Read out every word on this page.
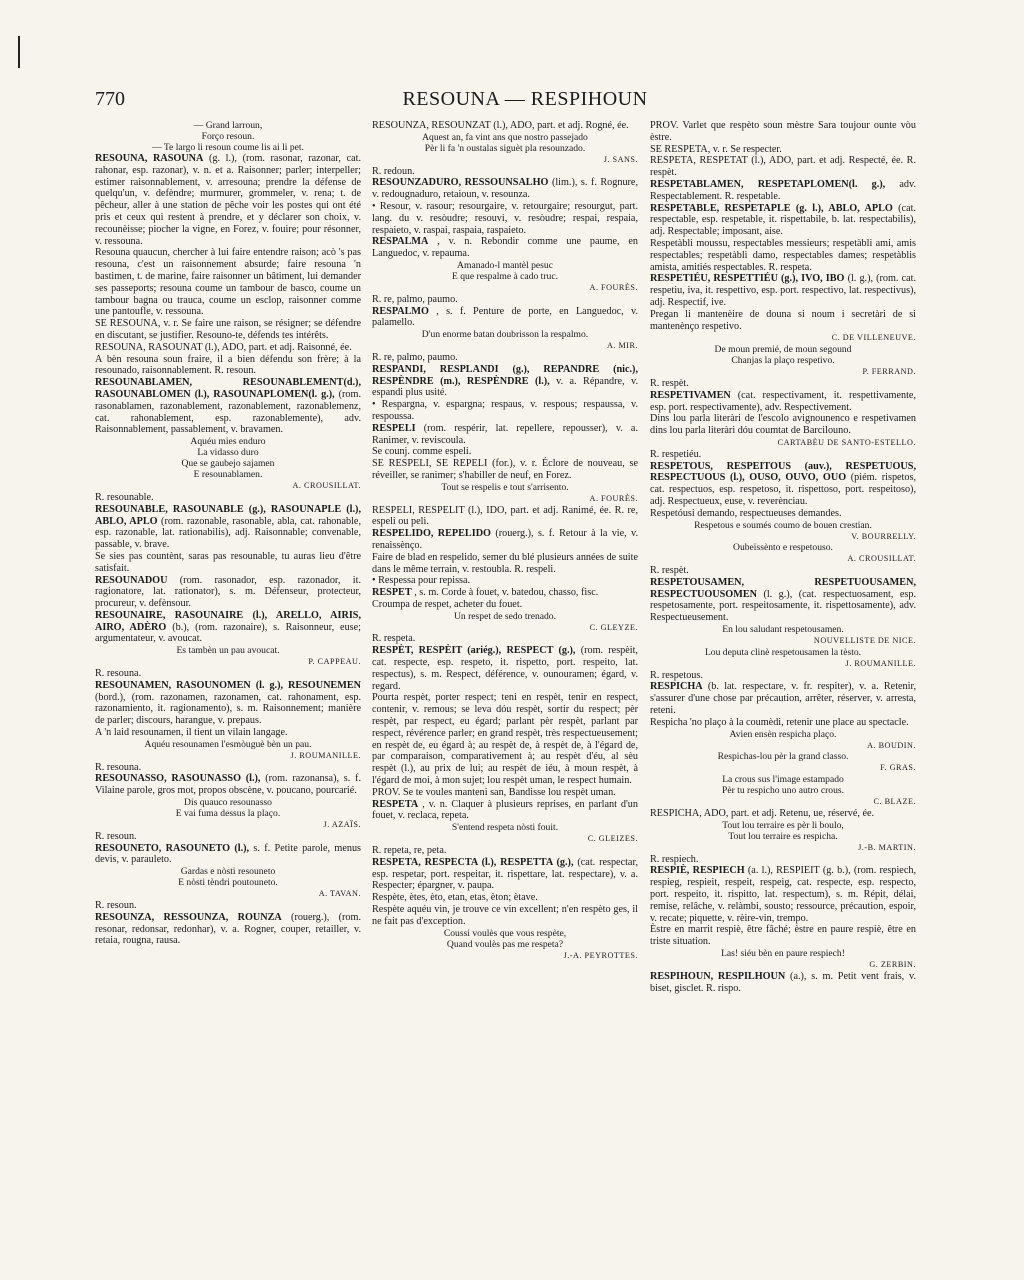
770	RESOUNA — RESPIHOUN

— Grand larroun,

Forço resoun.

— Te largo li resoun coume lis ai li pet.

RESOUNA, RASOUNA (g. l.), (rom. rasonar, razonar, cat. rahonar, esp. razonar), v. n. et a. Raisonner; parler; interpeller; estimer raisonnablement, v. arresouna; prendre la défense de quelqu'un, v. defèndre; murmurer, grommeler, v. rena; t. de pêcheur, aller à une station de pêche voir les postes qui ont été pris et ceux qui restent à prendre, et y déclarer son choix, v. recounèisse; piocher la vigne, en Forez, v. fouire; pour résonner, v. ressouna.

Resouna quaucun, chercher à lui faire entendre raison; acò 's pas resouna, c'est un raisonnement absurde; faire resouna 'n bastimen, t. de marine, faire raisonner un bâtiment, lui demander ses passeports; resouna coume un tambour de basco, coume un tambour bagna ou trauca, coume un esclop, raisonner comme une pantoufle, v. ressouna.

SE RESOUNA, v. r. Se faire une raison, se résigner; se défendre en discutant, se justifier. Resouno-te, défends tes intérêts.

RESOUNA, RASOUNAT (l.), ADO, part. et adj. Raisonné, ée.

A bèn resouna soun fraire, il a bien défendu son frère; à la resounado, raisonnablement. R. resoun.

RESOUNABLAMEN, RESOUNABLEMENT(d.), RASOUNABLOMEN (l.), RASOUNAPLOMEN(l. g.), (rom. rasonablamen, razonablement, razonablement, razonablemenz, cat. rahonablement, esp. razonablemente), adv. Raisonnablement, passablement, v. bravamen.

Aquéu mies enduro

La vidasso duro

Que se gaubejo sajamen

E resounablamen.

A. CROUSILLAT.

R. resounable.

RESOUNABLE, RASOUNABLE (g.), RASOUNAPLE (l.), ABLO, APLO (rom. razonable, rasonable, abla, cat. rahonable, esp. razonable, lat. rationabilis), adj. Raisonnable; convenable, passable, v. brave.

Se sies pas countènt, saras pas resounable, tu auras lieu d'être satisfait.

RESOUNADOU (rom. rasonador, esp. razonador, it. ragionatore, lat. rationator), s. m. Défenseur, protecteur, procureur, v. defènsour.

RESOUNAIRE, RASOUNAIRE (l.), ARELLO, AIRIS, AIRO, ADÈRO (b.), (rom. razonaire), s. Raisonneur, euse; argumentateur, v. avoucat.

Es tambèn un pau avoucat.

P. CAPPEAU.

R. resouna.

RESOUNAMEN, RASOUNOMEN (l. g.), RESOUNEMEN (bord.), (rom. razonamen, razonamen, cat. rahonament, esp. razonamiento, it. ragionamento), s. m. Raisonnement; manière de parler; discours, harangue, v. prepaus.

A 'n laid resounamen, il tient un vilain langage.

Aquéu resounamen l'esmòuguè bèn un pau.

J. ROUMANILLE.

R. resouna.

RESOUNASSO, RASOUNASSO (l.), (rom. razonansa), s. f. Vilaine parole, gros mot, propos obscène, v. poucano, pourcarié.

Dis quauco resounasso

E vai fuma dessus la plaço.

J. AZAÏS.

R. resoun.

RESOUNETO, RASOUNETO (l.), s. f. Petite parole, menus devis, v. parauleto.

Gardas e nòsti resouneto

E nòsti tèndri poutouneto.

A. TAVAN.

R. resoun.

RESOUNZA, RESSOUNZA, ROUNZA (rouerg.), (rom. resonar, redonsar, redonhar), v. a. Rogner, couper, retailler, v. retaia, rougna, rausa.

RESOUNZA, RESOUNZAT (l.), ADO, part. et adj. Rogné, ée.

Aquest an, fa vint ans que nostro passejado

Pèr li fa 'n oustalas siguèt pla resounzado.

J. SANS.

R. redoun.

RESOUNZADURO, RESSOUNSALHO (lim.), s. f. Rognure, v. redougnaduro, retaioun, v. resounza.

• Resour, v. rasour; resourgaire, v. retourgaire; resourgut, part. lang. du v. resòudre; resouvi, v. resòudre; respai, respaia, respaieto, v. raspai, raspaia, raspaieto.

RESPALMA , v. n. Rebondir comme une paume, en Languedoc, v. repauma.

Amanado-l mantèl pesuc

E que respalme à cado truc.

A. FOURÈS.

R. re, palmo, paumo.

RESPALMO , s. f. Penture de porte, en Languedoc, v. palamello.

D'un enorme batan doubrisson la respalmo.

A. MIR.

R. re, palmo, paumo.

RESPANDI, RESPLANDI (g.), REPANDRE (nic.), RESPÈNDRE (m.), RESPÈNDRE (l.), v. a. Répandre, v. espandi plus usité.

• Respargna, v. espargna; respaus, v. respous; respaussa, v. respoussa.

RESPELI (rom. respérir, lat. repellere, repousser), v. a. Ranimer, v. reviscoula.

Se counj. comme espeli.

SE RESPELI, SE REPELI (for.), v. r. Éclore de nouveau, se réveiller, se ranimer; s'habiller de neuf, en Forez.

Tout se respelis e tout s'arrisento.

A. FOURÈS.

RESPELI, RESPELIT (l.), IDO, part. et adj. Ranimé, ée. R. re, espeli ou peli.

RESPELIDO, REPELIDO (rouerg.), s. f. Retour à la vie, v. renaissènço.

Faire de blad en respelido, semer du blé plusieurs années de suite dans le même terrain, v. restoubla. R. respeli.

• Respessa pour repissa.

RESPET , s. m. Corde à fouet, v. batedou, chasso, fisc.

Croumpa de respet, acheter du fouet.

Un respet de sedo trenado.

C. GLEYZE.

R. respeta.

RESPÈT, RESPÈIT (ariég.), RESPECT (g.), (rom. respèit, cat. respecte, esp. respeto, it. rispetto, port. respeito, lat. respectus), s. m. Respect, déférence, v. ounouramen; égard, v. regard.

Pourta respèt, porter respect; teni en respèt, tenir en respect, contenir, v. remous; se leva dóu respèt, sortir du respect; pèr respèt, par respect, eu égard; parlant pèr respèt, parlant par respect, révérence parler; en grand respèt, très respectueusement; en respèt de, eu égard à; au respèt de, à respèt de, à l'égard de, par comparaison, comparativement à; au respèt d'éu, al sèu respèt (l.), au prix de lui; au respèt de iéu, à moun respèt, à l'égard de moi, à mon sujet; lou respèt uman, le respect humain.

PROV. Se te voules manteni san, Bandisse lou respèt uman.

RESPETA , v. n. Claquer à plusieurs reprises, en parlant d'un fouet, v. reclaca, repeta.

S'entend respeta nòsti fouit.

C. GLEIZES.

R. repeta, re, peta.

RESPETA, RESPECTA (l.), RESPETTA (g.), (cat. respectar, esp. respetar, port. respeitar, it. rispettare, lat. respectare), v. a. Respecter; épargner, v. paupa.

Respète, ètes, èto, etan, etas, èton; ètave.

Respète aquéu vin, je trouve ce vin excellent; n'en respèto ges, il ne fait pas d'exception.

Coussi voulès que vous respète,

Quand voulès pas me respeta?

J.-A. PEYROTTES.

PROV. Varlet que respèto soun mèstre Sara toujour ounte vòu èstre.

SE RESPETA, v. r. Se respecter.

RESPETA, RESPETAT (l.), ADO, part. et adj. Respecté, ée. R. respèt.

RESPETABLAMEN, RESPETAPLOMEN(l. g.), adv. Respectablement. R. respetable.

RESPETABLE, RESPETAPLE (g. l.), ABLO, APLO (cat. respectable, esp. respetable, it. rispettabile, b. lat. respectabilis), adj. Respectable; imposant, aise.

Respetàbli moussu, respectables messieurs; respetàbli ami, amis respectables; respetàbli damo, respectables dames; respetàblis amista, amitiés respectables. R. respeta.

RESPETIÉU, RESPETTIÉU (g.), IVO, IBO (l. g.), (rom. cat. respetiu, iva, it. respettivo, esp. port. respectivo, lat. respectivus), adj. Respectif, ive.

Pregan li mantenèire de douna si noum i secretàri de si mantenènço respetivo.

C. DE VILLENEUVE.

De moun premié, de moun segound

Chanjas la plaço respetivo.

P. FERRAND.

R. respèt.

RESPETIVAMEN (cat. respectivament, it. respettivamente, esp. port. respectivamente), adv. Respectivement.

Dins lou parla literàri de l'escolo avignounenco e respetivamen dins lou parla literàri dóu coumtat de Barcilouno.

CARTABÈU DE SANTO-ESTELLO.

R. respetiéu.

RESPETOUS, RESPEITOUS (auv.), RESPETUOUS, RESPECTUOUS (l.), OUSO, OUVO, OUO (piém. rispetos, cat. respectuos, esp. respetoso, it. rispettoso, port. respeitoso), adj. Respectueux, euse, v. reverènciau.

Respetóusi demando, respectueuses demandes.

Respetous e soumés coumo de bouen crestian.

V. BOURRELLY.

Oubeïssènto e respetouso.

A. CROUSILLAT.

R. respèt.

RESPETOUSAMEN, RESPETUOUSAMEN, RESPECTUOUSOMEN (l. g.), (cat. respectuosament, esp. respetosamente, port. respeitosamente, it. rispettosamente), adv. Respectueusement.

En lou saludant respetousamen.

NOUVELLISTE DE NICE.

Lou deputa clinè respetousamen la tèsto.

J. ROUMANILLE.

R. respetous.

RESPICHA (b. lat. respectare, v. fr. respiter), v. a. Retenir, s'assurer d'une chose par précaution, arrêter, réserver, v. arresta, reteni.

Respicha 'no plaço à la coumèdi, retenir une place au spectacle.

Avien ensèn respicha plaço.

A. BOUDIN.

Respichas-lou pèr la grand classo.

F. GRAS.

La crous sus l'image estampado

Pèr tu respicho uno autro crous.

C. BLAZE.

RESPICHA, ADO, part. et adj. Retenu, ue, réservé, ée.

Tout lou terraire es pèr li boulo,

Tout lou terraire es respicha.

J.-B. MARTIN.

R. respiech.

RESPIÈ, RESPIECH (a. l.), RESPIEIT (g. b.), (rom. respiech, respieg, respieit, respeit, respeig, cat. respecte, esp. respecto, port. respeito, it. rispitto, lat. respectum), s. m. Répit, délai, remise, relâche, v. relàmbi, sousto; ressource, précaution, espoir, v. recate; piquette, v. rèire-vin, trempo.

Èstre en marrit respiè, être fâché; èstre en paure respiè, être en triste situation.

Las! siéu bèn en paure respiech!

G. ZERBIN.

RESPIHOUN, RESPILHOUN (a.), s. m. Petit vent frais, v. biset, gisclet. R. rispo.
